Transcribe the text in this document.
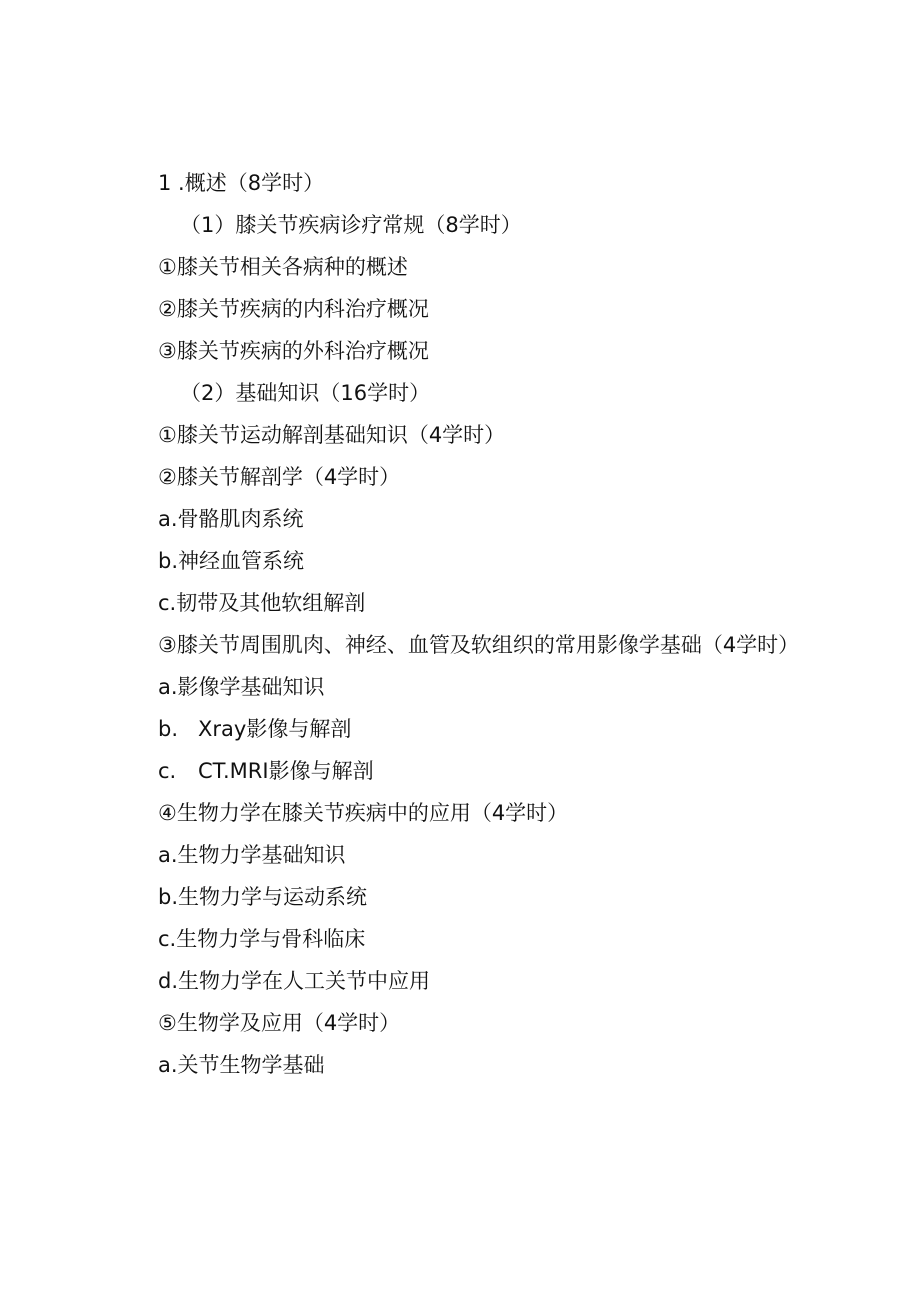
1 .概述（8学时）
（1）膝关节疾病诊疗常规（8学时）
①膝关节相关各病种的概述
②膝关节疾病的内科治疗概况
③膝关节疾病的外科治疗概况
（2）基础知识（16学时）
①膝关节运动解剖基础知识（4学时）
②膝关节解剖学（4学时）
a.骨骼肌肉系统
b.神经血管系统
c.韧带及其他软组解剖
③膝关节周围肌肉、神经、血管及软组织的常用影像学基础（4学时）
a.影像学基础知识
b. Xray影像与解剖
c. CT.MRI影像与解剖
④生物力学在膝关节疾病中的应用（4学时）
a.生物力学基础知识
b.生物力学与运动系统
c.生物力学与骨科临床
d.生物力学在人工关节中应用
⑤生物学及应用（4学时）
a.关节生物学基础
